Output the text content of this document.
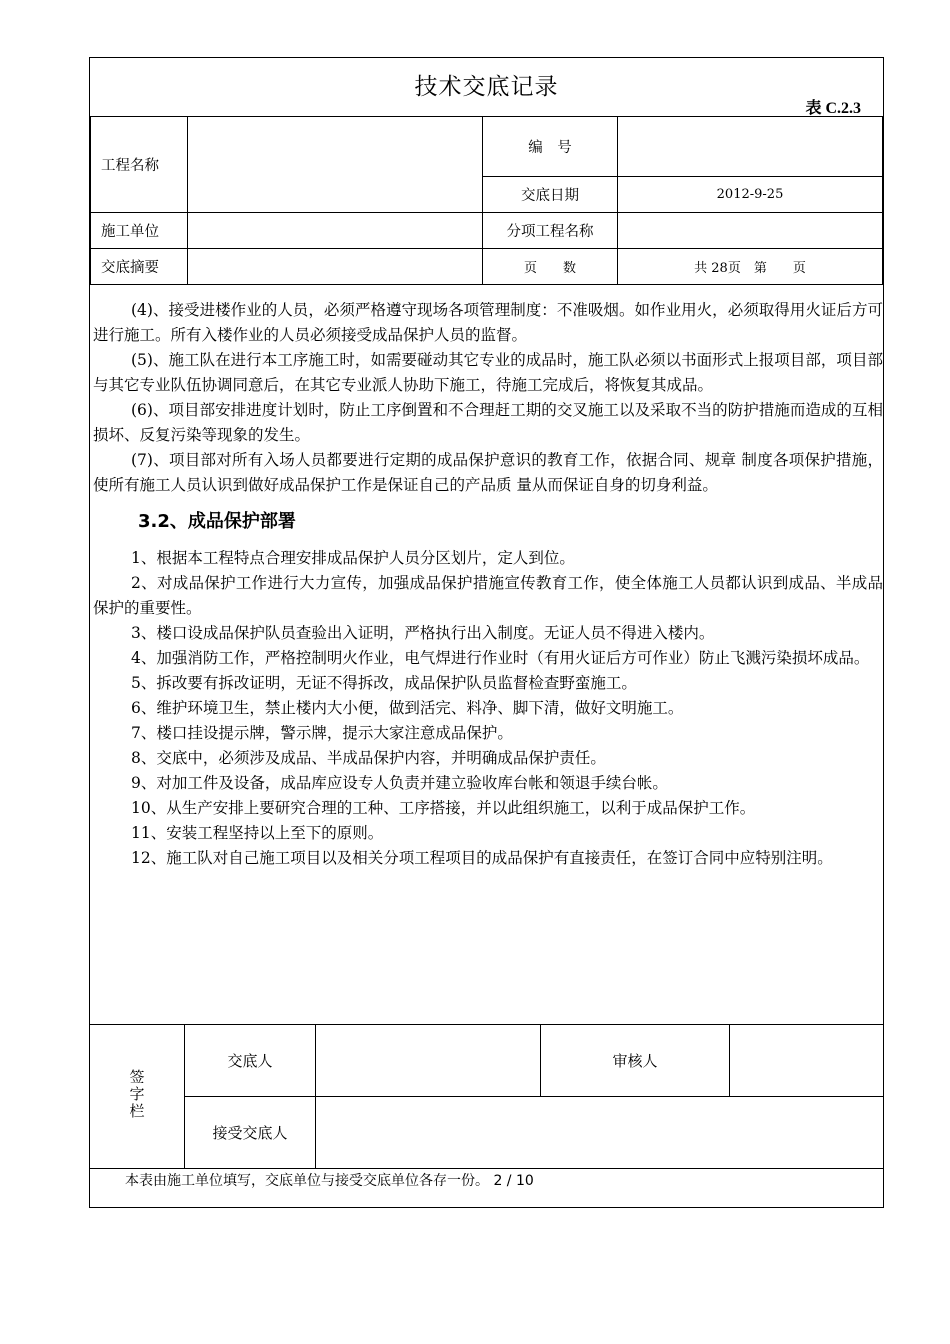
技术交底记录
表 C.2.3
工程名称		编　号	
		交底日期	2012-9-25
施工单位		分项工程名称	
交底摘要		页　　数	共 28页　第　　页

(4)、接受进楼作业的人员，必须严格遵守现场各项管理制度：不准吸烟。如作业用火，必须取得用火证后方可进行施工。所有入楼作业的人员必须接受成品保护人员的监督。

(5)、施工队在进行本工序施工时，如需要碰动其它专业的成品时，施工队必须以书面形式上报项目部，项目部与其它专业队伍协调同意后，在其它专业派人协助下施工，待施工完成后，将恢复其成品。

(6)、项目部安排进度计划时，防止工序倒置和不合理赶工期的交叉施工以及采取不当的防护措施而造成的互相损坏、反复污染等现象的发生。

(7)、项目部对所有入场人员都要进行定期的成品保护意识的教育工作，依据合同、规章 制度各项保护措施，使所有施工人员认识到做好成品保护工作是保证自己的产品质 量从而保证自身的切身利益。

3.2、成品保护部署

1、根据本工程特点合理安排成品保护人员分区划片，定人到位。

2、对成品保护工作进行大力宣传，加强成品保护措施宣传教育工作，使全体施工人员都认识到成品、半成品保护的重要性。

3、楼口设成品保护队员查验出入证明，严格执行出入制度。无证人员不得进入楼内。

4、加强消防工作，严格控制明火作业，电气焊进行作业时（有用火证后方可作业）防止飞溅污染损坏成品。

5、拆改要有拆改证明，无证不得拆改，成品保护队员监督检查野蛮施工。

6、维护环境卫生，禁止楼内大小便，做到活完、料净、脚下清，做好文明施工。

7、楼口挂设提示牌，警示牌，提示大家注意成品保护。

8、交底中，必须涉及成品、半成品保护内容，并明确成品保护责任。

9、对加工件及设备，成品库应设专人负责并建立验收库台帐和领退手续台帐。

10、从生产安排上要研究合理的工种、工序搭接，并以此组织施工，以利于成品保护工作。

11、安装工程坚持以上至下的原则。

12、施工队对自己施工项目以及相关分项工程项目的成品保护有直接责任，在签订合同中应特别注明。

签字栏	交底人		审核人	
	接受交底人			
本表由施工单位填写，交底单位与接受交底单位各存一份。 2 / 10
